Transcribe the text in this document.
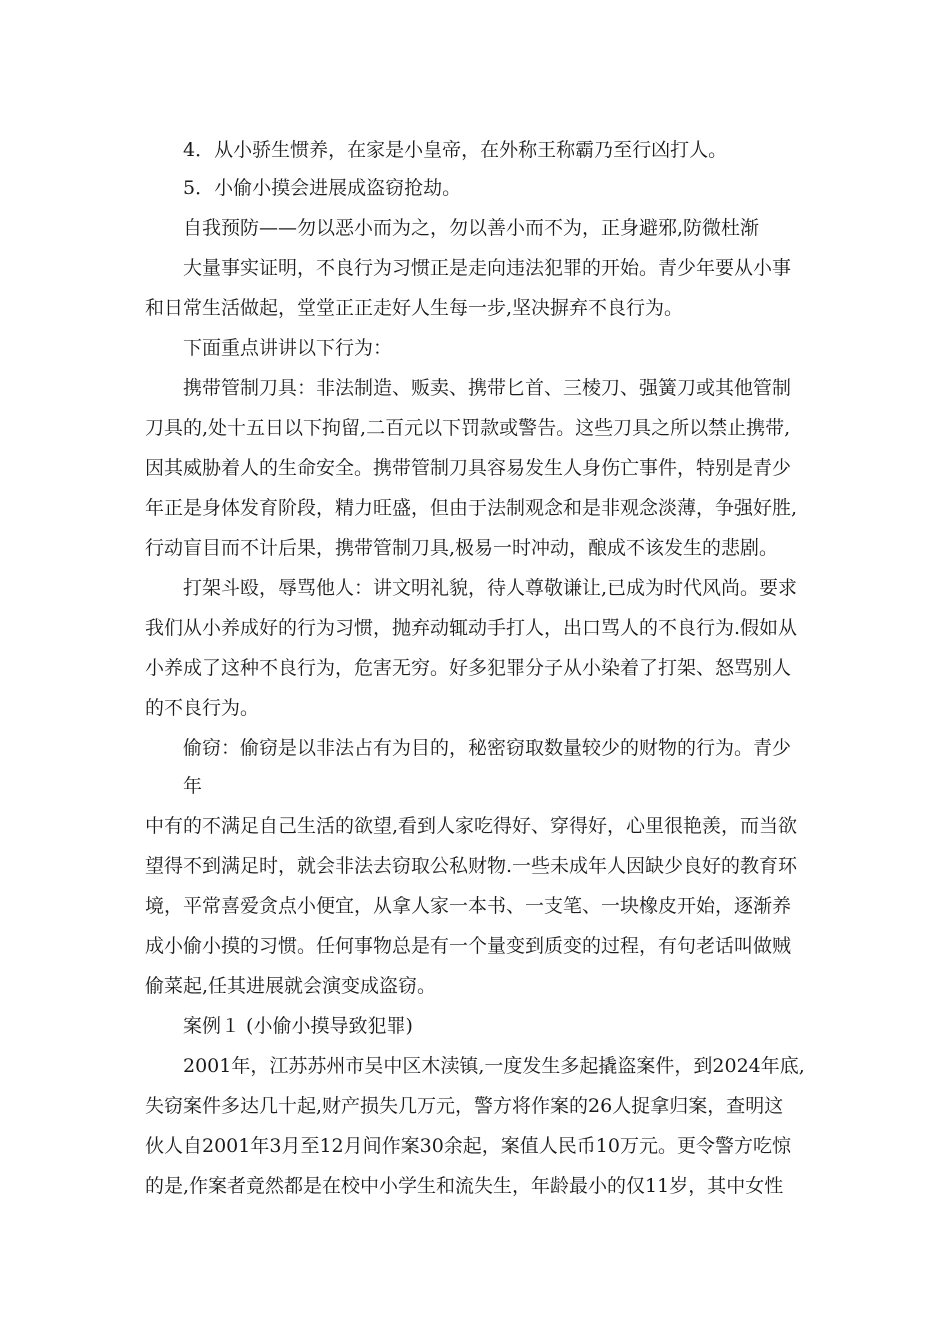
4．从小骄生惯养，在家是小皇帝，在外称王称霸乃至行凶打人。

5．小偷小摸会进展成盗窃抢劫。

自我预防——勿以恶小而为之，勿以善小而不为，正身避邪,防微杜渐

大量事实证明，不良行为习惯正是走向违法犯罪的开始。青少年要从小事

和日常生活做起，堂堂正正走好人生每一步,坚决摒弃不良行为。

下面重点讲讲以下行为：

携带管制刀具：非法制造、贩卖、携带匕首、三棱刀、强簧刀或其他管制

刀具的,处十五日以下拘留,二百元以下罚款或警告。这些刀具之所以禁止携带,

因其威胁着人的生命安全。携带管制刀具容易发生人身伤亡事件，特别是青少

年正是身体发育阶段，精力旺盛，但由于法制观念和是非观念淡薄，争强好胜,

行动盲目而不计后果，携带管制刀具,极易一时冲动，酿成不该发生的悲剧。

打架斗殴，辱骂他人：讲文明礼貌，待人尊敬谦让,已成为时代风尚。要求

我们从小养成好的行为习惯，抛弃动辄动手打人，出口骂人的不良行为.假如从

小养成了这种不良行为，危害无穷。好多犯罪分子从小染着了打架、怒骂别人

的不良行为。

偷窃：偷窃是以非法占有为目的，秘密窃取数量较少的财物的行为。青少

年

中有的不满足自己生活的欲望,看到人家吃得好、穿得好，心里很艳羡，而当欲

望得不到满足时，就会非法去窃取公私财物.一些未成年人因缺少良好的教育环

境，平常喜爱贪点小便宜，从拿人家一本书、一支笔、一块橡皮开始，逐渐养

成小偷小摸的习惯。任何事物总是有一个量变到质变的过程，有句老话叫做贼

偷菜起,任其进展就会演变成盗窃。

案例１ (小偷小摸导致犯罪)

2001年，江苏苏州市吴中区木渎镇,一度发生多起撬盗案件，到2024年底,

失窃案件多达几十起,财产损失几万元，警方将作案的26人捉拿归案，查明这

伙人自2001年3月至12月间作案30余起，案值人民币10万元。更令警方吃惊

的是,作案者竟然都是在校中小学生和流失生，年龄最小的仅11岁，其中女性
